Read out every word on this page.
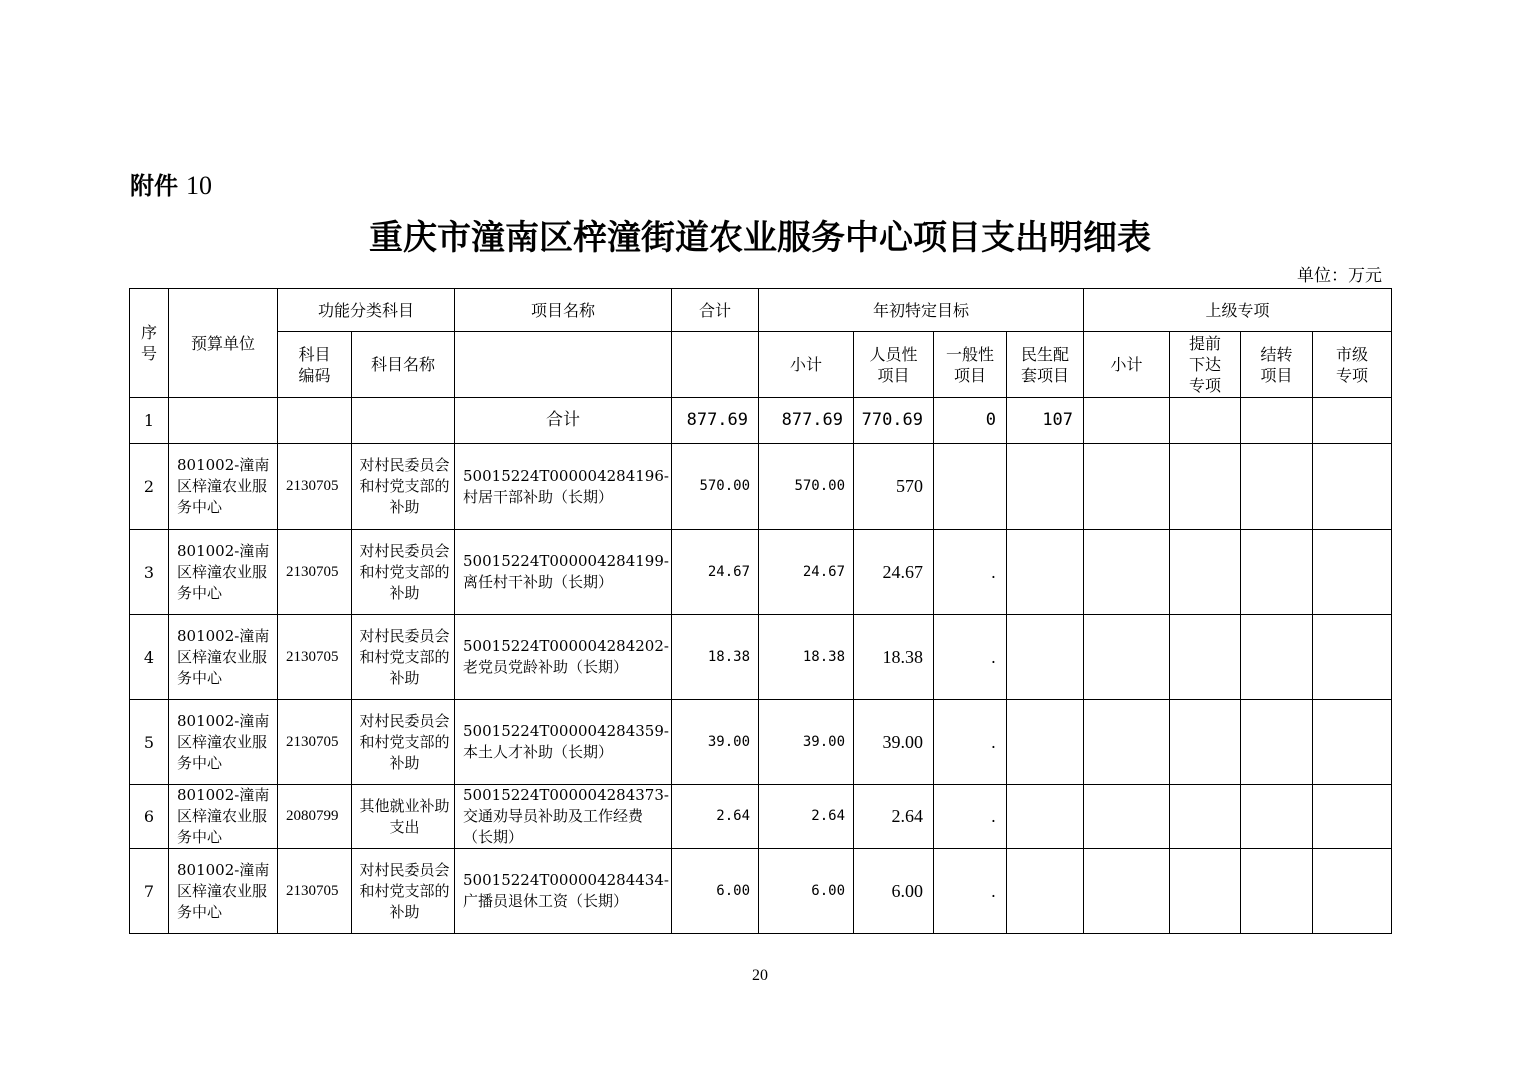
附件 10
重庆市潼南区梓潼街道农业服务中心项目支出明细表
单位：万元
序号	预算单位	功能分类科目		项目名称	合计	年初特定目标				上级专项			
		科目编码	科目名称			小计	人员性项目	一般性项目	民生配套项目	小计	提前下达专项	结转项目	市级专项
1				合计	877.69	877.69	770.69	0	107				
2	801002-潼南区梓潼农业服务中心	2130705	对村民委员会和村党支部的补助	50015224T000004284196-村居干部补助（长期）	570.00	570.00	570						
3	801002-潼南区梓潼农业服务中心	2130705	对村民委员会和村党支部的补助	50015224T000004284199-离任村干补助（长期）	24.67	24.67	24.67	.					
4	801002-潼南区梓潼农业服务中心	2130705	对村民委员会和村党支部的补助	50015224T000004284202-老党员党龄补助（长期）	18.38	18.38	18.38	.					
5	801002-潼南区梓潼农业服务中心	2130705	对村民委员会和村党支部的补助	50015224T000004284359-本土人才补助（长期）	39.00	39.00	39.00	.					
6	801002-潼南区梓潼农业服务中心	2080799	其他就业补助支出	50015224T000004284373-交通劝导员补助及工作经费（长期）	2.64	2.64	2.64	.					
7	801002-潼南区梓潼农业服务中心	2130705	对村民委员会和村党支部的补助	50015224T000004284434-广播员退休工资（长期）	6.00	6.00	6.00	.					
20
